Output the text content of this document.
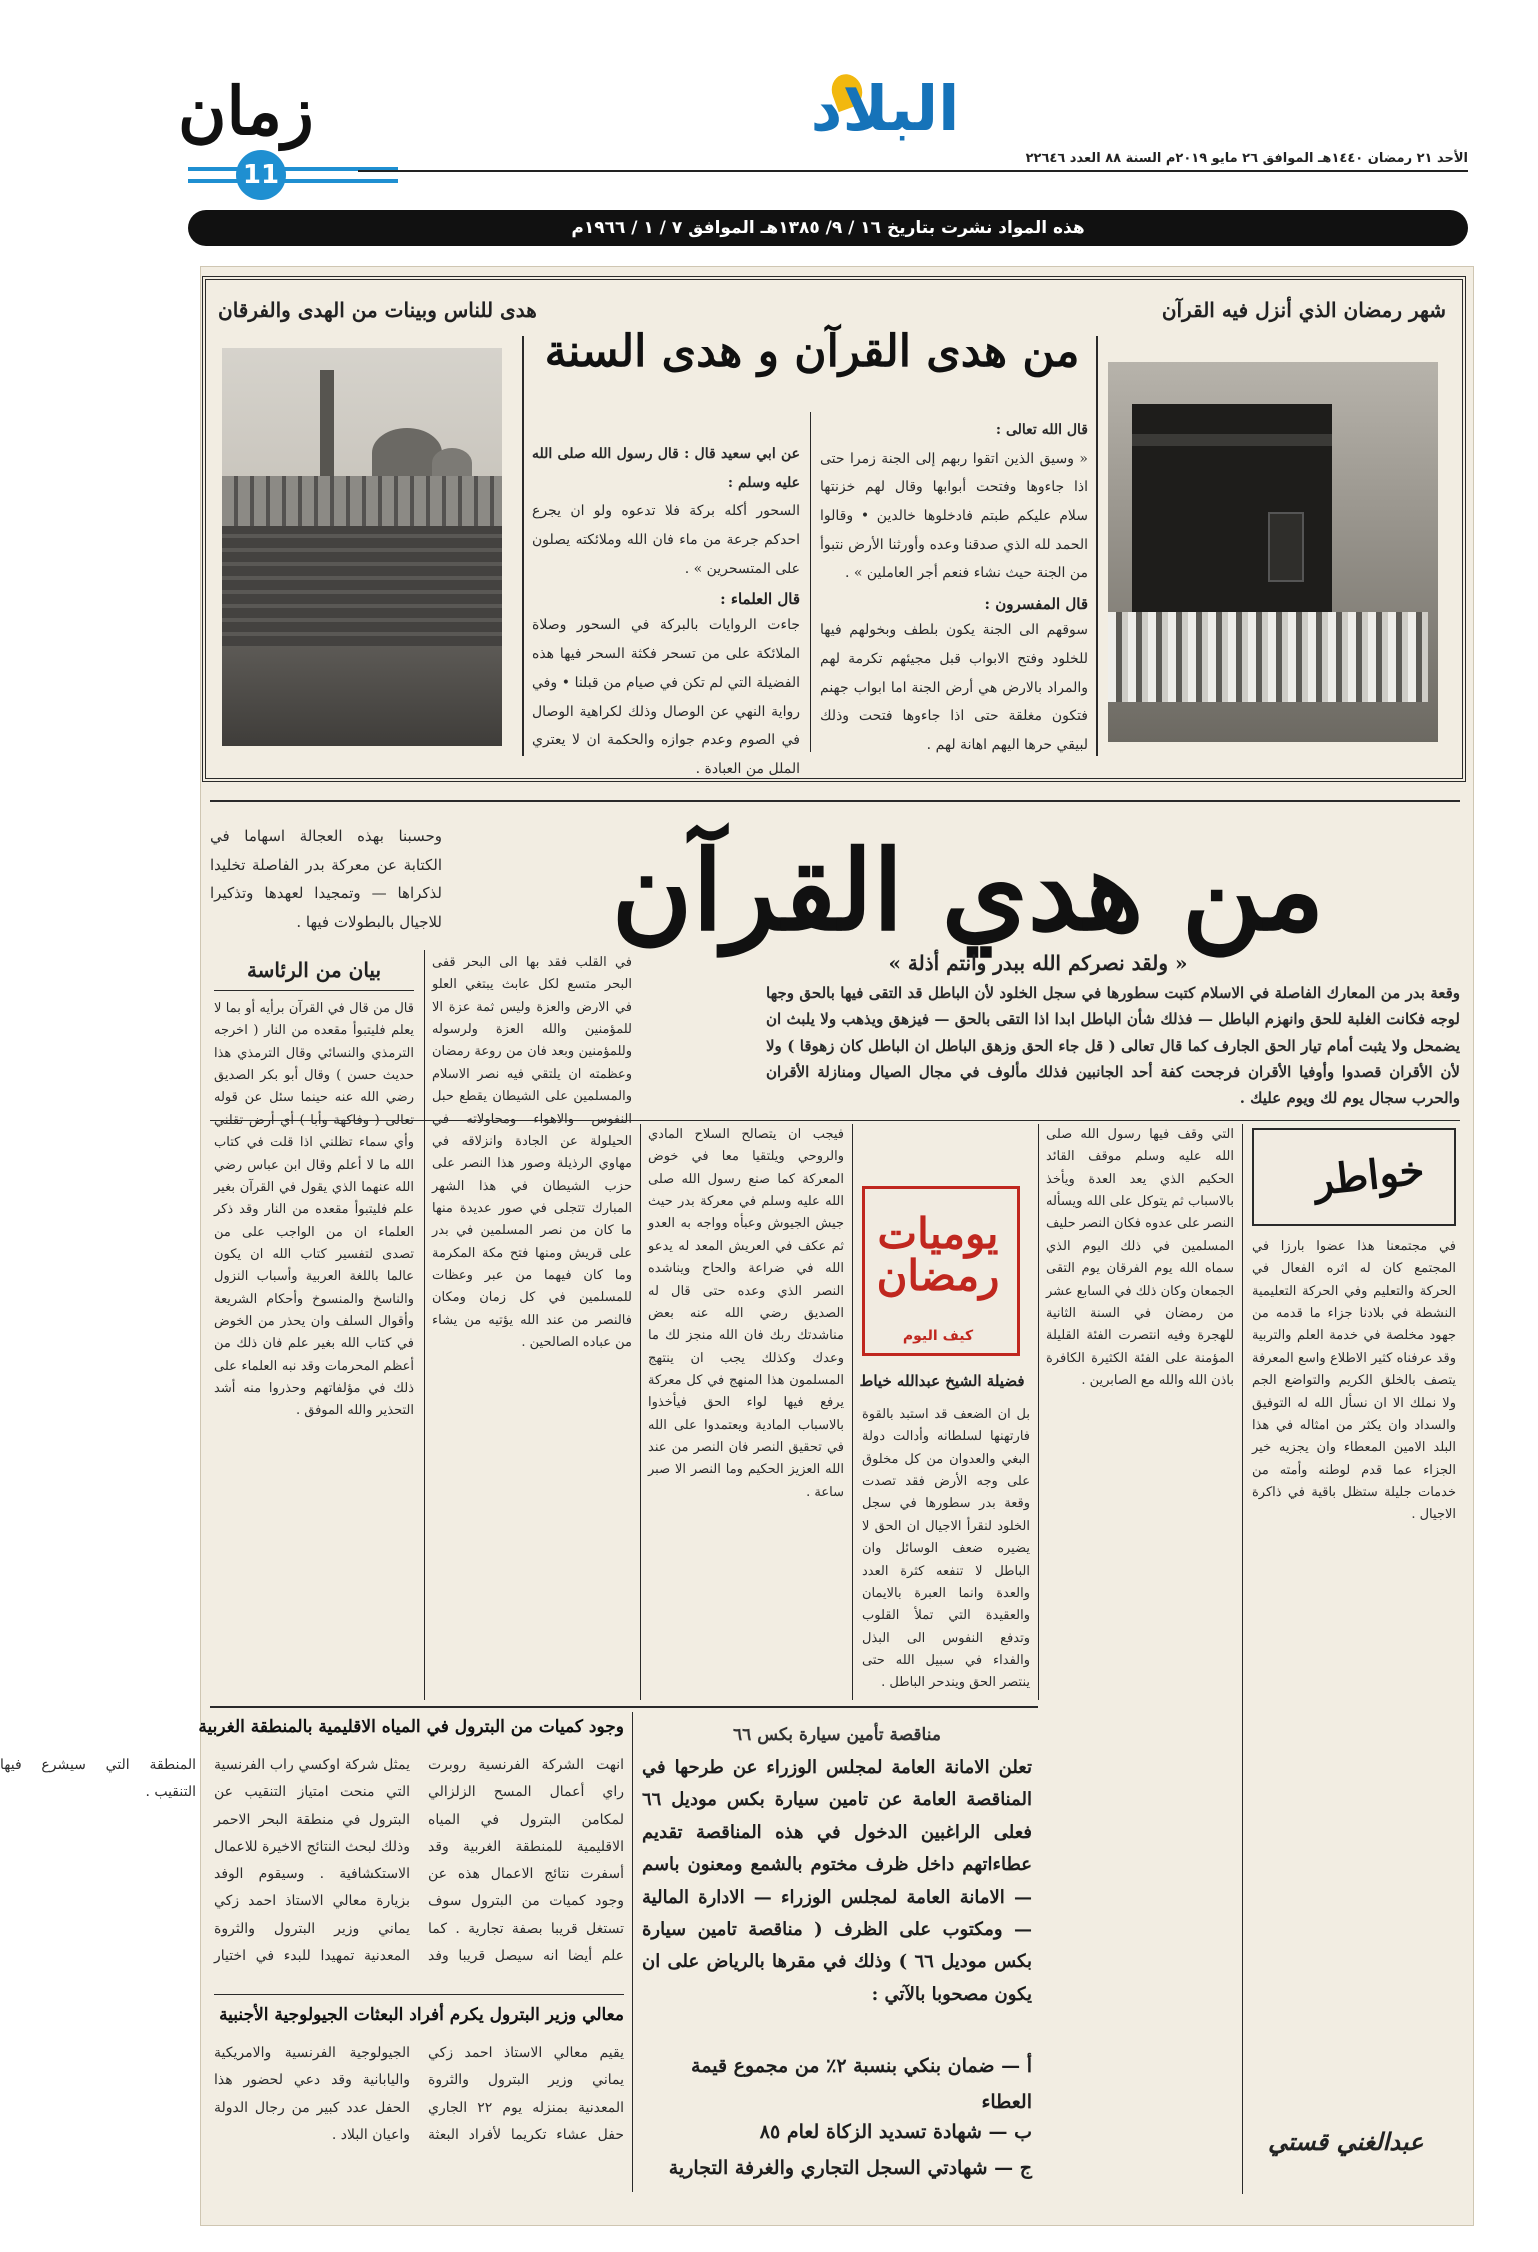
زمان
11
البلاد
الأحد ٢١ رمضان ١٤٤٠هـ الموافق ٢٦ مايو ٢٠١٩م السنة ٨٨ العدد ٢٢٦٤٦
هذه المواد نشرت بتاريخ ١٦ / ٩/ ١٣٨٥هـ الموافق ٧ / ١ / ١٩٦٦م
شهر رمضان الذي أنزل فيه القرآن
هدى للناس وبينات من الهدى والفرقان
من هدى القرآن و هدى السنة
قال الله تعالى :
« وسيق الذين اتقوا ربهم إلى الجنة زمرا حتى اذا جاءوها وفتحت أبوابها وقال لهم خزنتها سلام عليكم طبتم فادخلوها خالدين • وقالوا الحمد لله الذي صدقنا وعده وأورثنا الأرض نتبوأ من الجنة حيث نشاء فنعم أجر العاملين » .
قال المفسرون :
سوقهم الى الجنة يكون بلطف وبخولهم فيها للخلود وفتح الابواب قبل مجيئهم تكرمة لهم والمراد بالارض هي أرض الجنة اما ابواب جهنم فتكون مغلقة حتى اذا جاءوها فتحت وذلك لبيقي حرها اليهم اهانة لهم .
عن ابي سعيد قال : قال رسول الله صلى الله عليه وسلم :
السحور أكله بركة فلا تدعوه ولو ان يجرع احدكم جرعة من ماء فان الله وملائكته يصلون على المتسحرين » .
قال العلماء :
جاءت الروايات بالبركة في السحور وصلاة الملائكة على من تسحر فكثة السحر فيها هذه الفضيلة التي لم تكن في صيام من قبلنا • وفي رواية النهي عن الوصال وذلك لكراهية الوصال في الصوم وعدم جوازه والحكمة ان لا يعتري الملل من العبادة .
من هدي القرآن
وحسبنا بهذه العجالة اسهاما في الكتابة عن معركة بدر الفاصلة تخليدا لذكراها — وتمجيدا لعهدها وتذكيرا للاجيال بالبطولات فيها .
« ولقد نصركم الله ببدر وانتم أذلة »
وقعة بدر من المعارك الفاصلة في الاسلام كتبت سطورها في سجل الخلود لأن الباطل قد التقى فيها بالحق وجها لوجه فكانت الغلبة للحق وانهزم الباطل — فذلك شأن الباطل ابدا اذا التقى بالحق — فيزهق ويذهب ولا يلبث ان يضمحل ولا يثبت أمام تيار الحق الجارف كما قال تعالى ( قل جاء الحق وزهق الباطل ان الباطل كان زهوقا ) ولا لأن الأقران قصدوا وأوفيا الأقران فرجحت كفة أحد الجانبين فذلك مألوف في مجال الصيال ومنازلة الأقران والحرب سجال يوم لك ويوم عليك .
بيان من الرئاسة
قال من قال في القرآن برأيه أو بما لا يعلم فليتبوأ مقعده من النار ( اخرجه الترمذي والنسائي وقال الترمذي هذا حديث حسن ) وقال أبو بكر الصديق رضي الله عنه حينما سئل عن قوله تعالى ( وفاكهة وأبا ) أي أرض تقلني وأي سماء تظلني اذا قلت في كتاب الله ما لا أعلم وقال ابن عباس رضي الله عنهما الذي يقول في القرآن بغير علم فليتبوأ مقعده من النار وقد ذكر العلماء ان من الواجب على من تصدى لتفسير كتاب الله ان يكون عالما باللغة العربية وأسباب النزول والناسخ والمنسوخ وأحكام الشريعة وأقوال السلف وان يحذر من الخوض في كتاب الله بغير علم فان ذلك من أعظم المحرمات وقد نبه العلماء على ذلك في مؤلفاتهم وحذروا منه أشد التحذير والله الموفق .
في القلب فقد بها الى البحر قفى البحر متسع لكل عابث يبتغي العلو في الارض والعزة وليس ثمة عزة الا للمؤمنين والله العزة ولرسوله وللمؤمنين وبعد فان من روعة رمضان وعظمته ان يلتقي فيه نصر الاسلام والمسلمين على الشيطان يقطع حبل النفوس والاهواء ومحاولاته في الحيلولة عن الجادة وانزلاقه في مهاوي الرذيلة وصور هذا النصر على حزب الشيطان في هذا الشهر المبارك تتجلى في صور عديدة منها ما كان من نصر المسلمين في بدر على قريش ومنها فتح مكة المكرمة وما كان فيهما من عبر وعظات للمسلمين في كل زمان ومكان فالنصر من عند الله يؤتيه من يشاء من عباده الصالحين .
فيجب ان يتصالح السلاح المادي والروحي ويلتقيا معا في خوض المعركة كما صنع رسول الله صلى الله عليه وسلم في معركة بدر حيث جيش الجيوش وعبأه وواجه به العدو ثم عكف في العريش المعد له يدعو الله في ضراعة والحاح ويناشده النصر الذي وعده حتى قال له الصديق رضي الله عنه بعض مناشدتك ربك فان الله منجز لك ما وعدك وكذلك يجب ان ينتهج المسلمون هذا المنهج في كل معركة يرفع فيها لواء الحق فيأخذوا بالاسباب المادية ويعتمدوا على الله في تحقيق النصر فان النصر من عند الله العزيز الحكيم وما النصر الا صبر ساعة .
يوميات رمضان
كيف اليوم
فضيلة الشيخ عبدالله خياط
بل ان الضعف قد استبد بالقوة فارتهنها لسلطانه وأدالت دولة البغي والعدوان من كل مخلوق على وجه الأرض فقد تصدت وقعة بدر سطورها في سجل الخلود لنقرأ الاجيال ان الحق لا يضيره ضعف الوسائل وان الباطل لا تنفعه كثرة العدد والعدة وانما العبرة بالايمان والعقيدة التي تملأ القلوب وتدفع النفوس الى البذل والفداء في سبيل الله حتى ينتصر الحق ويندحر الباطل .
التي وقف فيها رسول الله صلى الله عليه وسلم موقف القائد الحكيم الذي يعد العدة ويأخذ بالاسباب ثم يتوكل على الله ويسأله النصر على عدوه فكان النصر حليف المسلمين في ذلك اليوم الذي سماه الله يوم الفرقان يوم التقى الجمعان وكان ذلك في السابع عشر من رمضان في السنة الثانية للهجرة وفيه انتصرت الفئة القليلة المؤمنة على الفئة الكثيرة الكافرة باذن الله والله مع الصابرين .
خواطر
في مجتمعنا هذا عضوا بارزا في المجتمع كان له اثره الفعال في الحركة والتعليم وفي الحركة التعليمية النشطة في بلادنا جزاء ما قدمه من جهود مخلصة في خدمة العلم والتربية وقد عرفناه كثير الاطلاع واسع المعرفة يتصف بالخلق الكريم والتواضع الجم ولا نملك الا ان نسأل الله له التوفيق والسداد وان يكثر من امثاله في هذا البلد الامين المعطاء وان يجزيه خير الجزاء عما قدم لوطنه وأمته من خدمات جليلة ستظل باقية في ذاكرة الاجيال .
عبدالغني قستي
وجود كميات من البترول في المياه الاقليمية بالمنطقة الغربية
انهت الشركة الفرنسية روبرت راي أعمال المسح الزلزالي لمكامن البترول في المياه الاقليمية للمنطقة الغربية وقد أسفرت نتائج الاعمال هذه عن وجود كميات من البترول سوف تستغل قريبا بصفة تجارية . كما علم أيضا انه سيصل قريبا وفد يمثل شركة اوكسي راب الفرنسية التي منحت امتياز التنقيب عن البترول في منطقة البحر الاحمر وذلك لبحث النتائج الاخيرة للاعمال الاستكشافية . وسيقوم الوفد بزيارة معالي الاستاذ احمد زكي يماني وزير البترول والثروة المعدنية تمهيدا للبدء في اختيار المنطقة التي سيشرع فيها التنقيب .
معالي وزير البترول يكرم أفراد البعثات الجيولوجية الأجنبية
يقيم معالي الاستاذ احمد زكي يماني وزير البترول والثروة المعدنية بمنزله يوم ٢٢ الجاري حفل عشاء تكريما لأفراد البعثة الجيولوجية الفرنسية والامريكية واليابانية وقد دعي لحضور هذا الحفل عدد كبير من رجال الدولة واعيان البلاد .
مناقصة تأمين سيارة بكس ٦٦
تعلن الامانة العامة لمجلس الوزراء عن طرحها في المناقصة العامة عن تامين سيارة بكس موديل ٦٦ فعلى الراغبين الدخول في هذه المناقصة تقديم عطاءاتهم داخل ظرف مختوم بالشمع ومعنون باسم — الامانة العامة لمجلس الوزراء — الادارة المالية — ومكتوب على الظرف ( مناقصة تامين سيارة بكس موديل ٦٦ ) وذلك في مقرها بالرياض على ان يكون مصحوبا بالآتي :
أ — ضمان بنكي بنسبة ٢٪ من مجموع قيمة العطاء
ب — شهادة تسديد الزكاة لعام ٨٥
ج — شهادتي السجل التجاري والغرفة التجارية
